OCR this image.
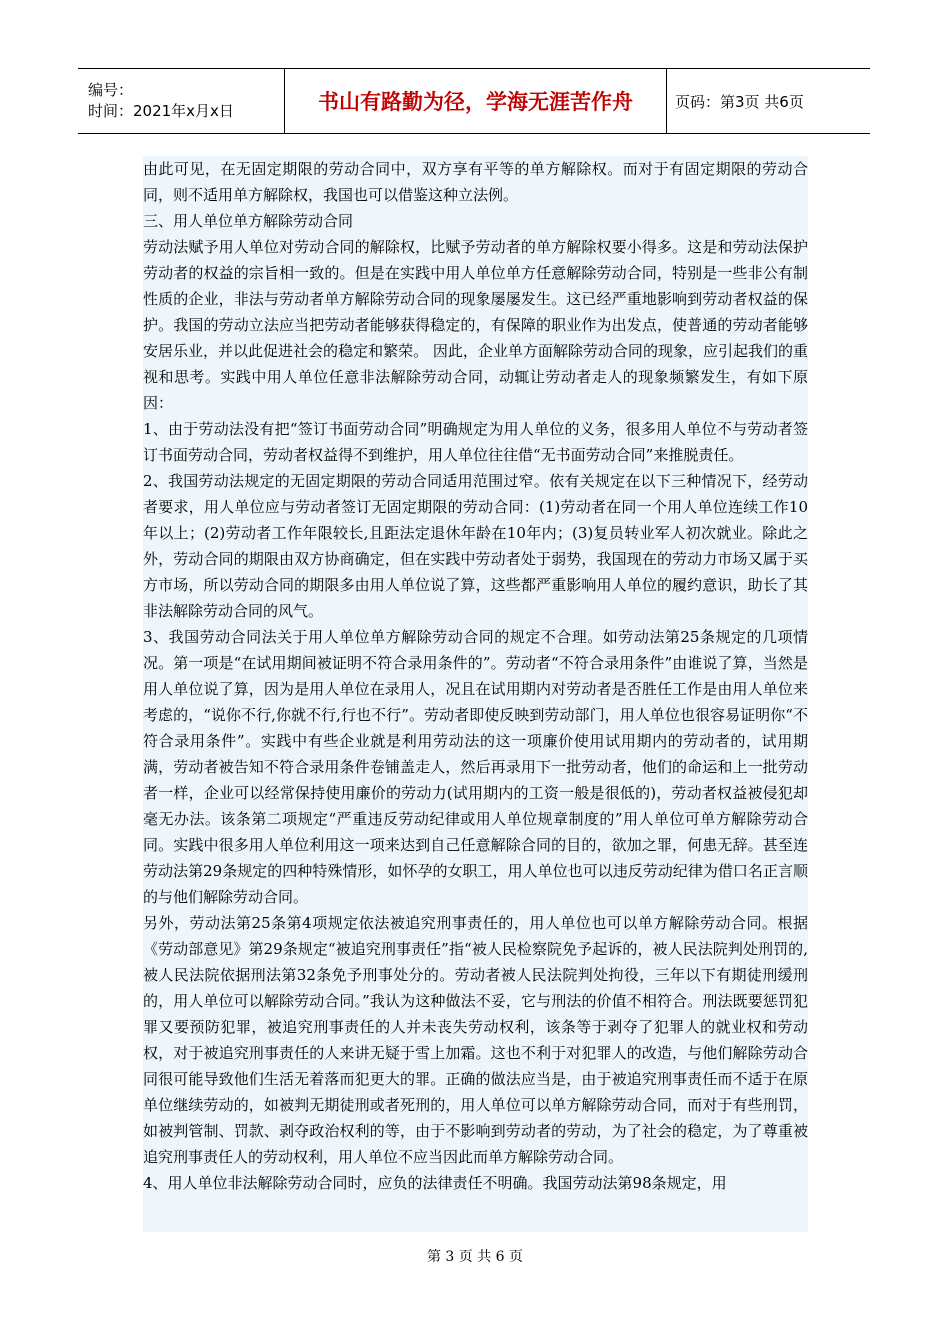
编号：
时间：2021年x月x日	书山有路勤为径，学海无涯苦作舟	页码：第3页 共6页

由此可见，在无固定期限的劳动合同中，双方享有平等的单方解除权。而对于有固定期限的劳动合同，则不适用单方解除权，我国也可以借鉴这种立法例。

三、用人单位单方解除劳动合同

劳动法赋予用人单位对劳动合同的解除权，比赋予劳动者的单方解除权要小得多。这是和劳动法保护劳动者的权益的宗旨相一致的。但是在实践中用人单位单方任意解除劳动合同，特别是一些非公有制性质的企业，非法与劳动者单方解除劳动合同的现象屡屡发生。这已经严重地影响到劳动者权益的保护。我国的劳动立法应当把劳动者能够获得稳定的，有保障的职业作为出发点，使普通的劳动者能够安居乐业，并以此促进社会的稳定和繁荣。 因此，企业单方面解除劳动合同的现象，应引起我们的重视和思考。实践中用人单位任意非法解除劳动合同，动辄让劳动者走人的现象频繁发生，有如下原因：

1、由于劳动法没有把“签订书面劳动合同”明确规定为用人单位的义务，很多用人单位不与劳动者签订书面劳动合同，劳动者权益得不到维护，用人单位往往借“无书面劳动合同”来推脱责任。

2、我国劳动法规定的无固定期限的劳动合同适用范围过窄。依有关规定在以下三种情况下，经劳动者要求，用人单位应与劳动者签订无固定期限的劳动合同：(1)劳动者在同一个用人单位连续工作10年以上；(2)劳动者工作年限较长,且距法定退休年龄在10年内；(3)复员转业军人初次就业。除此之外，劳动合同的期限由双方协商确定，但在实践中劳动者处于弱势，我国现在的劳动力市场又属于买方市场，所以劳动合同的期限多由用人单位说了算，这些都严重影响用人单位的履约意识，助长了其非法解除劳动合同的风气。

3、我国劳动合同法关于用人单位单方解除劳动合同的规定不合理。如劳动法第25条规定的几项情况。第一项是“在试用期间被证明不符合录用条件的”。劳动者“不符合录用条件”由谁说了算，当然是用人单位说了算，因为是用人单位在录用人，况且在试用期内对劳动者是否胜任工作是由用人单位来考虑的，“说你不行,你就不行,行也不行”。劳动者即使反映到劳动部门，用人单位也很容易证明你“不符合录用条件”。实践中有些企业就是利用劳动法的这一项廉价使用试用期内的劳动者的，试用期满，劳动者被告知不符合录用条件卷铺盖走人，然后再录用下一批劳动者，他们的命运和上一批劳动者一样，企业可以经常保持使用廉价的劳动力(试用期内的工资一般是很低的)，劳动者权益被侵犯却毫无办法。该条第二项规定“严重违反劳动纪律或用人单位规章制度的”用人单位可单方解除劳动合同。实践中很多用人单位利用这一项来达到自己任意解除合同的目的，欲加之罪，何患无辞。甚至连劳动法第29条规定的四种特殊情形，如怀孕的女职工，用人单位也可以违反劳动纪律为借口名正言顺的与他们解除劳动合同。

另外，劳动法第25条第4项规定依法被追究刑事责任的，用人单位也可以单方解除劳动合同。根据《劳动部意见》第29条规定“被追究刑事责任”指“被人民检察院免予起诉的，被人民法院判处刑罚的,被人民法院依据刑法第32条免予刑事处分的。劳动者被人民法院判处拘役，三年以下有期徒刑缓刑的，用人单位可以解除劳动合同。”我认为这种做法不妥，它与刑法的价值不相符合。刑法既要惩罚犯罪又要预防犯罪，被追究刑事责任的人并未丧失劳动权利，该条等于剥夺了犯罪人的就业权和劳动权，对于被追究刑事责任的人来讲无疑于雪上加霜。这也不利于对犯罪人的改造，与他们解除劳动合同很可能导致他们生活无着落而犯更大的罪。正确的做法应当是，由于被追究刑事责任而不适于在原单位继续劳动的，如被判无期徒刑或者死刑的，用人单位可以单方解除劳动合同，而对于有些刑罚，如被判管制、罚款、剥夺政治权利的等，由于不影响到劳动者的劳动，为了社会的稳定，为了尊重被追究刑事责任人的劳动权利，用人单位不应当因此而单方解除劳动合同。

4、用人单位非法解除劳动合同时，应负的法律责任不明确。我国劳动法第98条规定，用

第 3 页 共 6 页
